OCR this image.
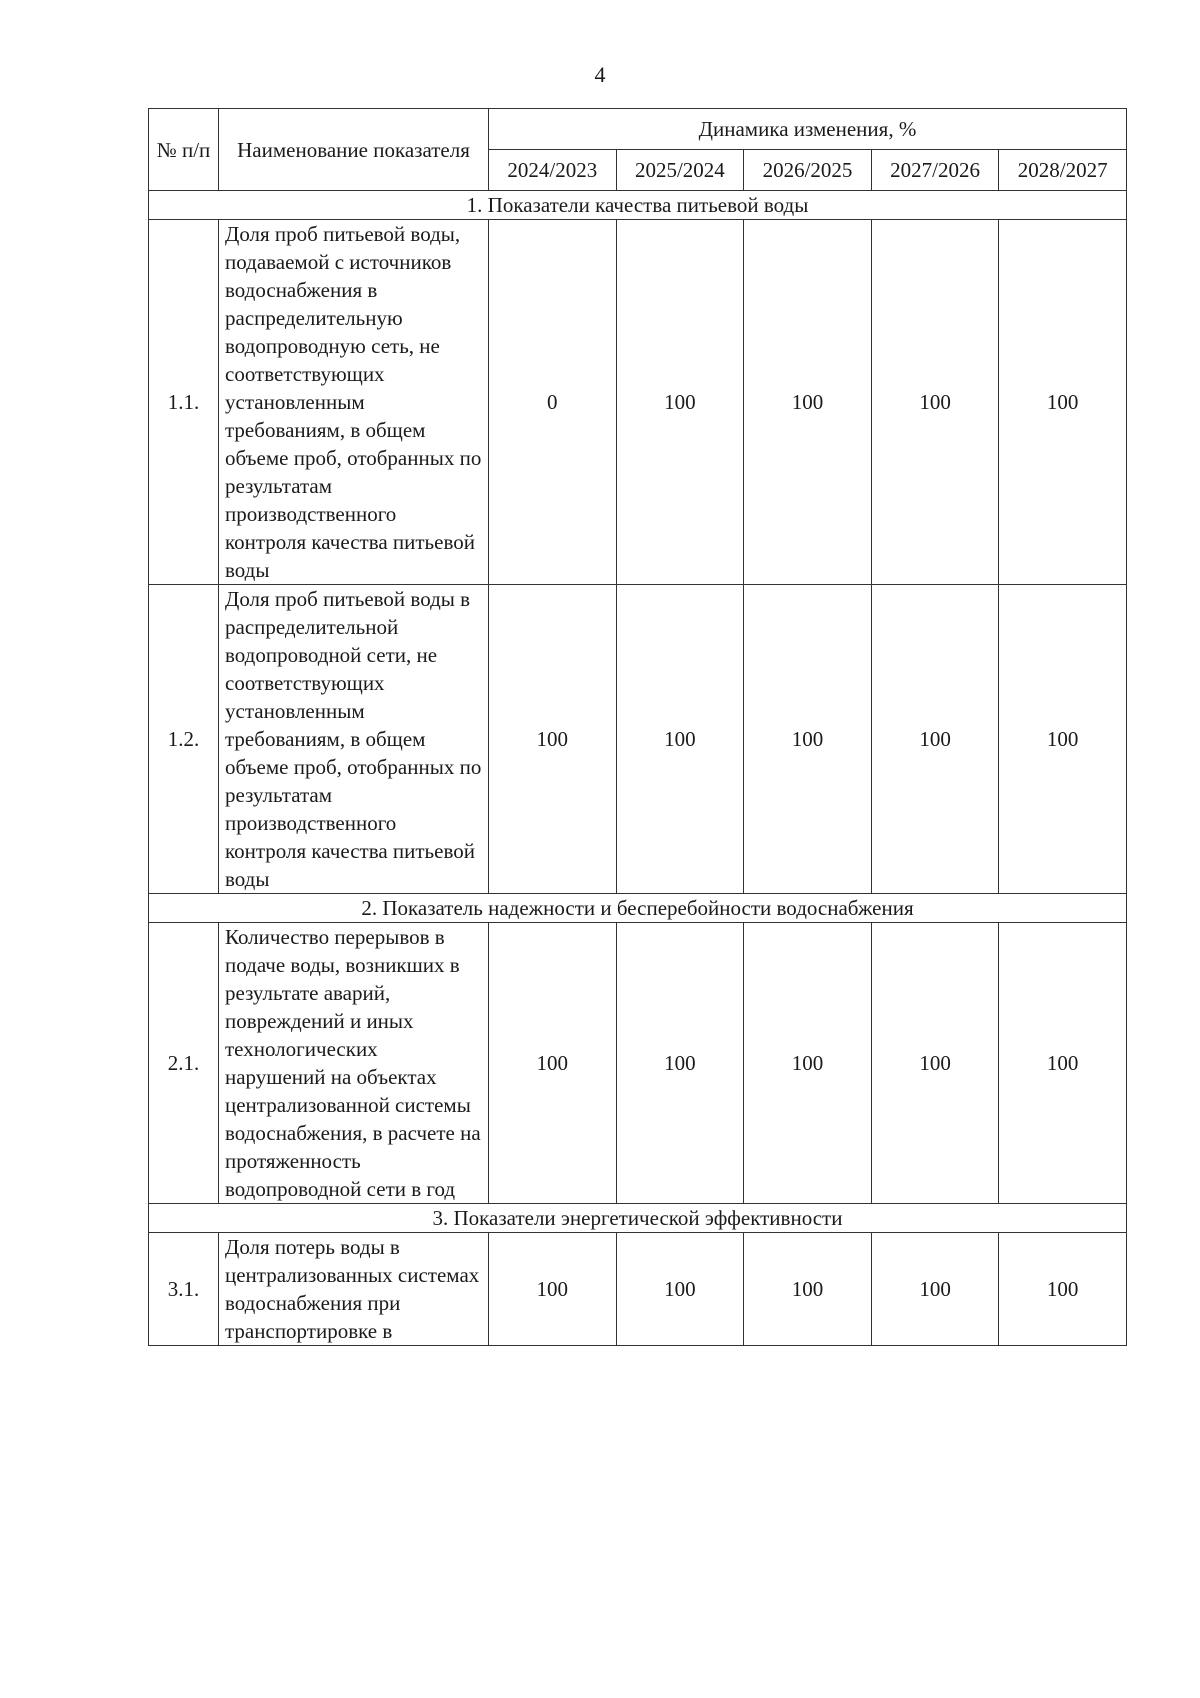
4
№ п/п	Наименование показателя	Динамика изменения, %				
		2024/2023	2025/2024	2026/2025	2027/2026	2028/2027
1. Показатели качества питьевой воды						
1.1.	Доля проб питьевой воды, подаваемой с источников водоснабжения в распределительную водопроводную сеть, не соответствующих установленным требованиям, в общем объеме проб, отобранных по результатам производственного контроля качества питьевой воды	0	100	100	100	100
1.2.	Доля проб питьевой воды в распределительной водопроводной сети, не соответствующих установленным требованиям, в общем объеме проб, отобранных по результатам производственного контроля качества питьевой воды	100	100	100	100	100
2. Показатель надежности и бесперебойности водоснабжения						
2.1.	Количество перерывов в подаче воды, возникших в результате аварий, повреждений и иных технологических нарушений на объектах централизованной системы водоснабжения, в расчете на протяженность водопроводной сети в год	100	100	100	100	100
3. Показатели энергетической эффективности						
3.1.	Доля потерь воды в централизованных системах водоснабжения при транспортировке в	100	100	100	100	100
